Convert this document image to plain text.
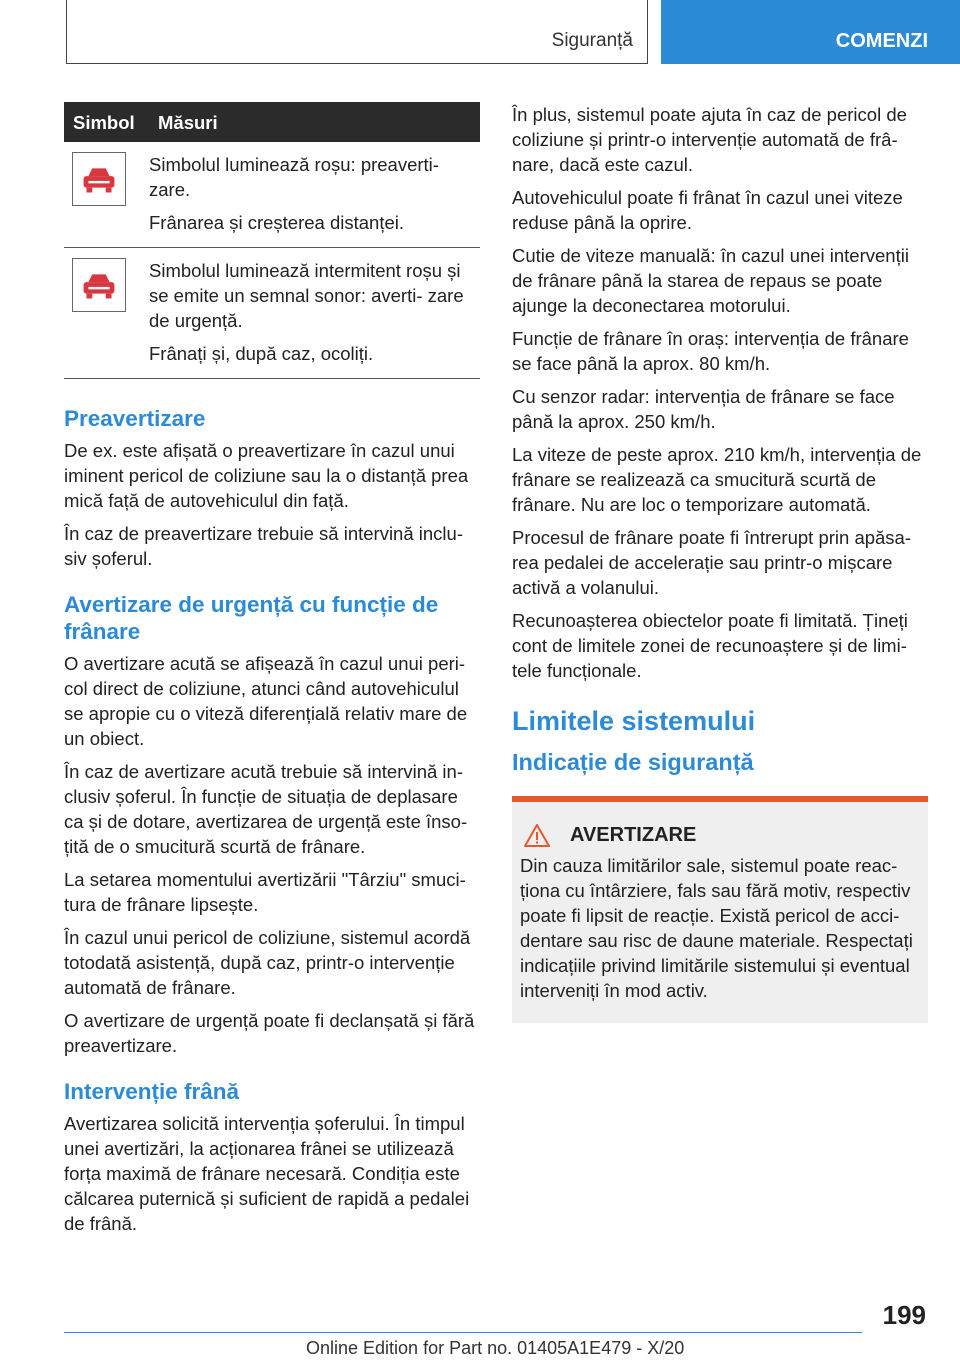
Siguranță	COMENZI
Simbol	Măsuri

Simbolul luminează roșu: preaverti- zare.

Frânarea și creșterea distanței.

Simbolul luminează intermitent roșu și se emite un semnal sonor: averti- zare de urgență.

Frânați și, după caz, ocoliți.

Preavertizare

De ex. este afișată o preavertizare în cazul unui iminent pericol de coliziune sau la o distanță prea mică față de autovehiculul din față.

În caz de preavertizare trebuie să intervină inclu- siv șoferul.

Avertizare de urgență cu funcție de frânare

O avertizare acută se afișează în cazul unui peri- col direct de coliziune, atunci când autovehiculul se apropie cu o viteză diferențială relativ mare de un obiect.

În caz de avertizare acută trebuie să intervină in- clusiv șoferul. În funcție de situația de deplasare ca și de dotare, avertizarea de urgență este înso- țită de o smucitură scurtă de frânare.

La setarea momentului avertizării "Târziu" smuci- tura de frânare lipsește.

În cazul unui pericol de coliziune, sistemul acordă totodată asistență, după caz, printr-o intervenție automată de frânare.

O avertizare de urgență poate fi declanșată și fără preavertizare.

Intervenție frână

Avertizarea solicită intervenția șoferului. În timpul unei avertizări, la acționarea frânei se utilizează forța maximă de frânare necesară. Condiția este călcarea puternică și suficient de rapidă a pedalei de frână.

În plus, sistemul poate ajuta în caz de pericol de coliziune și printr-o intervenție automată de frâ- nare, dacă este cazul.

Autovehiculul poate fi frânat în cazul unei viteze reduse până la oprire.

Cutie de viteze manuală: în cazul unei intervenții de frânare până la starea de repaus se poate ajunge la deconectarea motorului.

Funcție de frânare în oraș: intervenția de frânare se face până la aprox. 80 km/h.

Cu senzor radar: intervenția de frânare se face până la aprox. 250 km/h.

La viteze de peste aprox. 210 km/h, intervenția de frânare se realizează ca smucitură scurtă de frânare. Nu are loc o temporizare automată.

Procesul de frânare poate fi întrerupt prin apăsa- rea pedalei de accelerație sau printr-o mișcare activă a volanului.

Recunoașterea obiectelor poate fi limitată. Țineți cont de limitele zonei de recunoaștere și de limi- tele funcționale.

Limitele sistemului
Indicație de siguranță
AVERTIZARE

Din cauza limitărilor sale, sistemul poate reac- ționa cu întârziere, fals sau fără motiv, respectiv poate fi lipsit de reacție. Există pericol de acci- dentare sau risc de daune materiale. Respectați indicațiile privind limitările sistemului și eventual interveniți în mod activ.

199
Online Edition for Part no. 01405A1E479 - X/20
